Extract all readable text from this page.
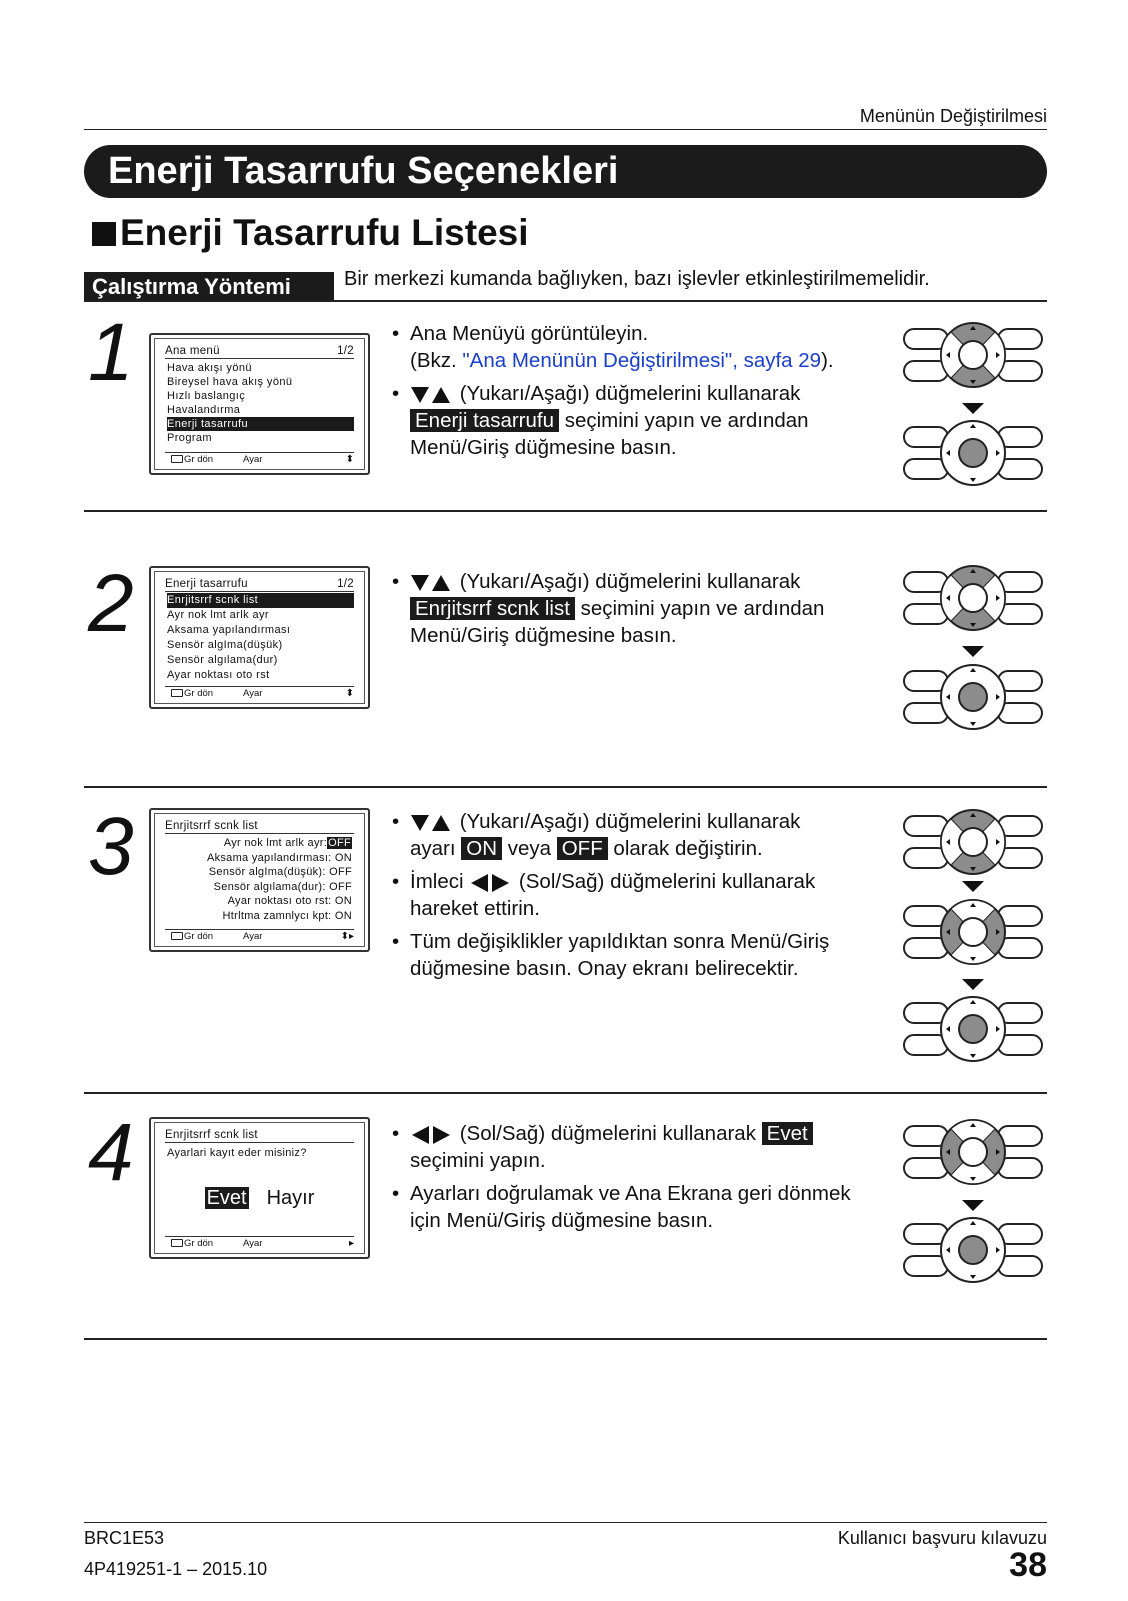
Menünün Değiştirilmesi
Enerji Tasarrufu Seçenekleri
Enerji Tasarrufu Listesi
Çalıştırma Yöntemi	Bir merkezi kumanda bağlıyken, bazı işlevler etkinleştirilmemelidir.
1	Ana menü	1/2
Hava akışı yönü
Bireysel hava akış yönü
Hızlı baslangıç
Havalandırma
Enerji tasarrufu
Program
Gr dön	Ayar	⬍
• Ana Menüyü görüntüleyin.
(Bkz. "Ana Menünün Değiştirilmesi", sayfa 29).
• (Yukarı/Aşağı) düğmelerini kullanarak
Enerji tasarrufu seçimini yapın ve ardından Menü/Giriş düğmesine basın.
2	Enerji tasarrufu	1/2
Enrjitsrrf scnk list
Ayr nok lmt arlk ayr
Aksama yapılandırması
Sensör algIma(düşük)
Sensör algılama(dur)
Ayar noktası oto rst
Gr dön	Ayar	⬍
• (Yukarı/Aşağı) düğmelerini kullanarak
Enrjitsrrf scnk list seçimini yapın ve ardından Menü/Giriş düğmesine basın.
3	Enrjitsrrf scnk list
Ayr nok lmt arlk ayr:OFF
Aksama yapılandırması: ON
Sensör algIma(düşük): OFF
Sensör algılama(dur): OFF
Ayar noktası oto rst: ON
Htrltma zamnlycı kpt: ON
Gr dön	Ayar	⬍▸
• (Yukarı/Aşağı) düğmelerini kullanarak
ayarı ON veya OFF olarak değiştirin.
• İmleci  (Sol/Sağ) düğmelerini kullanarak hareket ettirin.
• Tüm değişiklikler yapıldıktan sonra Menü/Giriş düğmesine basın. Onay ekranı belirecektir.
4	Enrjitsrrf scnk list
Ayarlari kayıt eder misiniz?
Evet Hayır
Gr dön	Ayar	▸
• (Sol/Sağ) düğmelerini kullanarak Evet
seçimini yapın.
• Ayarları doğrulamak ve Ana Ekrana geri dönmek için Menü/Giriş düğmesine basın.
BRC1E53
4P419251-1 – 2015.10
Kullanıcı başvuru kılavuzu
38
